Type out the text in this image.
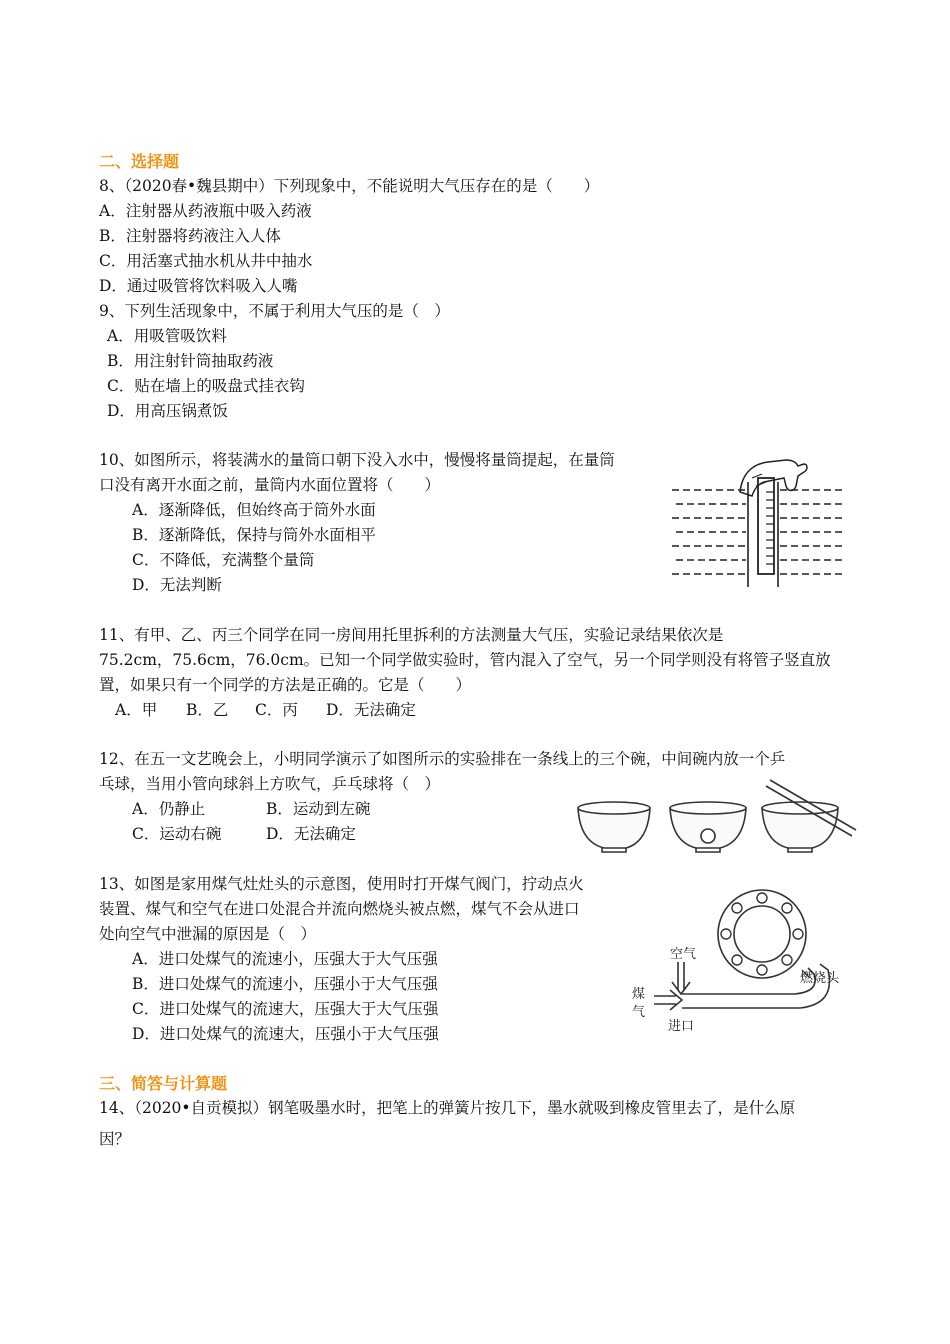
二、选择题
8、（2020春•魏县期中）下列现象中，不能说明大气压存在的是（　　）
A．注射器从药液瓶中吸入药液
B．注射器将药液注入人体
C．用活塞式抽水机从井中抽水
D．通过吸管将饮料吸入人嘴
9、下列生活现象中，不属于利用大气压的是（　）
A．用吸管吸饮料
B．用注射针筒抽取药液
C．贴在墙上的吸盘式挂衣钩
D．用高压锅煮饭
10、如图所示，将装满水的量筒口朝下没入水中，慢慢将量筒提起，在量筒
口没有离开水面之前，量筒内水面位置将（　　）
A．逐渐降低，但始终高于筒外水面
B．逐渐降低，保持与筒外水面相平
C．不降低，充满整个量筒
D．无法判断
11、有甲、乙、丙三个同学在同一房间用托里拆利的方法测量大气压，实验记录结果依次是
75.2cm，75.6cm，76.0cm。已知一个同学做实验时，管内混入了空气，另一个同学则没有将管子竖直放
置，如果只有一个同学的方法是正确的。它是（　　）
A．甲 B．乙 C．丙 D．无法确定
12、在五一文艺晚会上，小明同学演示了如图所示的实验排在一条线上的三个碗，中间碗内放一个乒
乓球，当用小管向球斜上方吹气，乒乓球将（　）
A．仍静止	B．运动到左碗
C．运动右碗	D．无法确定
13、如图是家用煤气灶灶头的示意图，使用时打开煤气阀门，拧动点火
装置、煤气和空气在进口处混合并流向燃烧头被点燃，煤气不会从进口
处向空气中泄漏的原因是（　）
A．进口处煤气的流速小，压强大于大气压强
B．进口处煤气的流速小，压强小于大气压强
C．进口处煤气的流速大，压强大于大气压强
D．进口处煤气的流速大，压强小于大气压强
空气
煤
气
进口
燃烧头
三、简答与计算题
14、（2020•自贡模拟）钢笔吸墨水时，把笔上的弹簧片按几下，墨水就吸到橡皮管里去了，是什么原
因？
